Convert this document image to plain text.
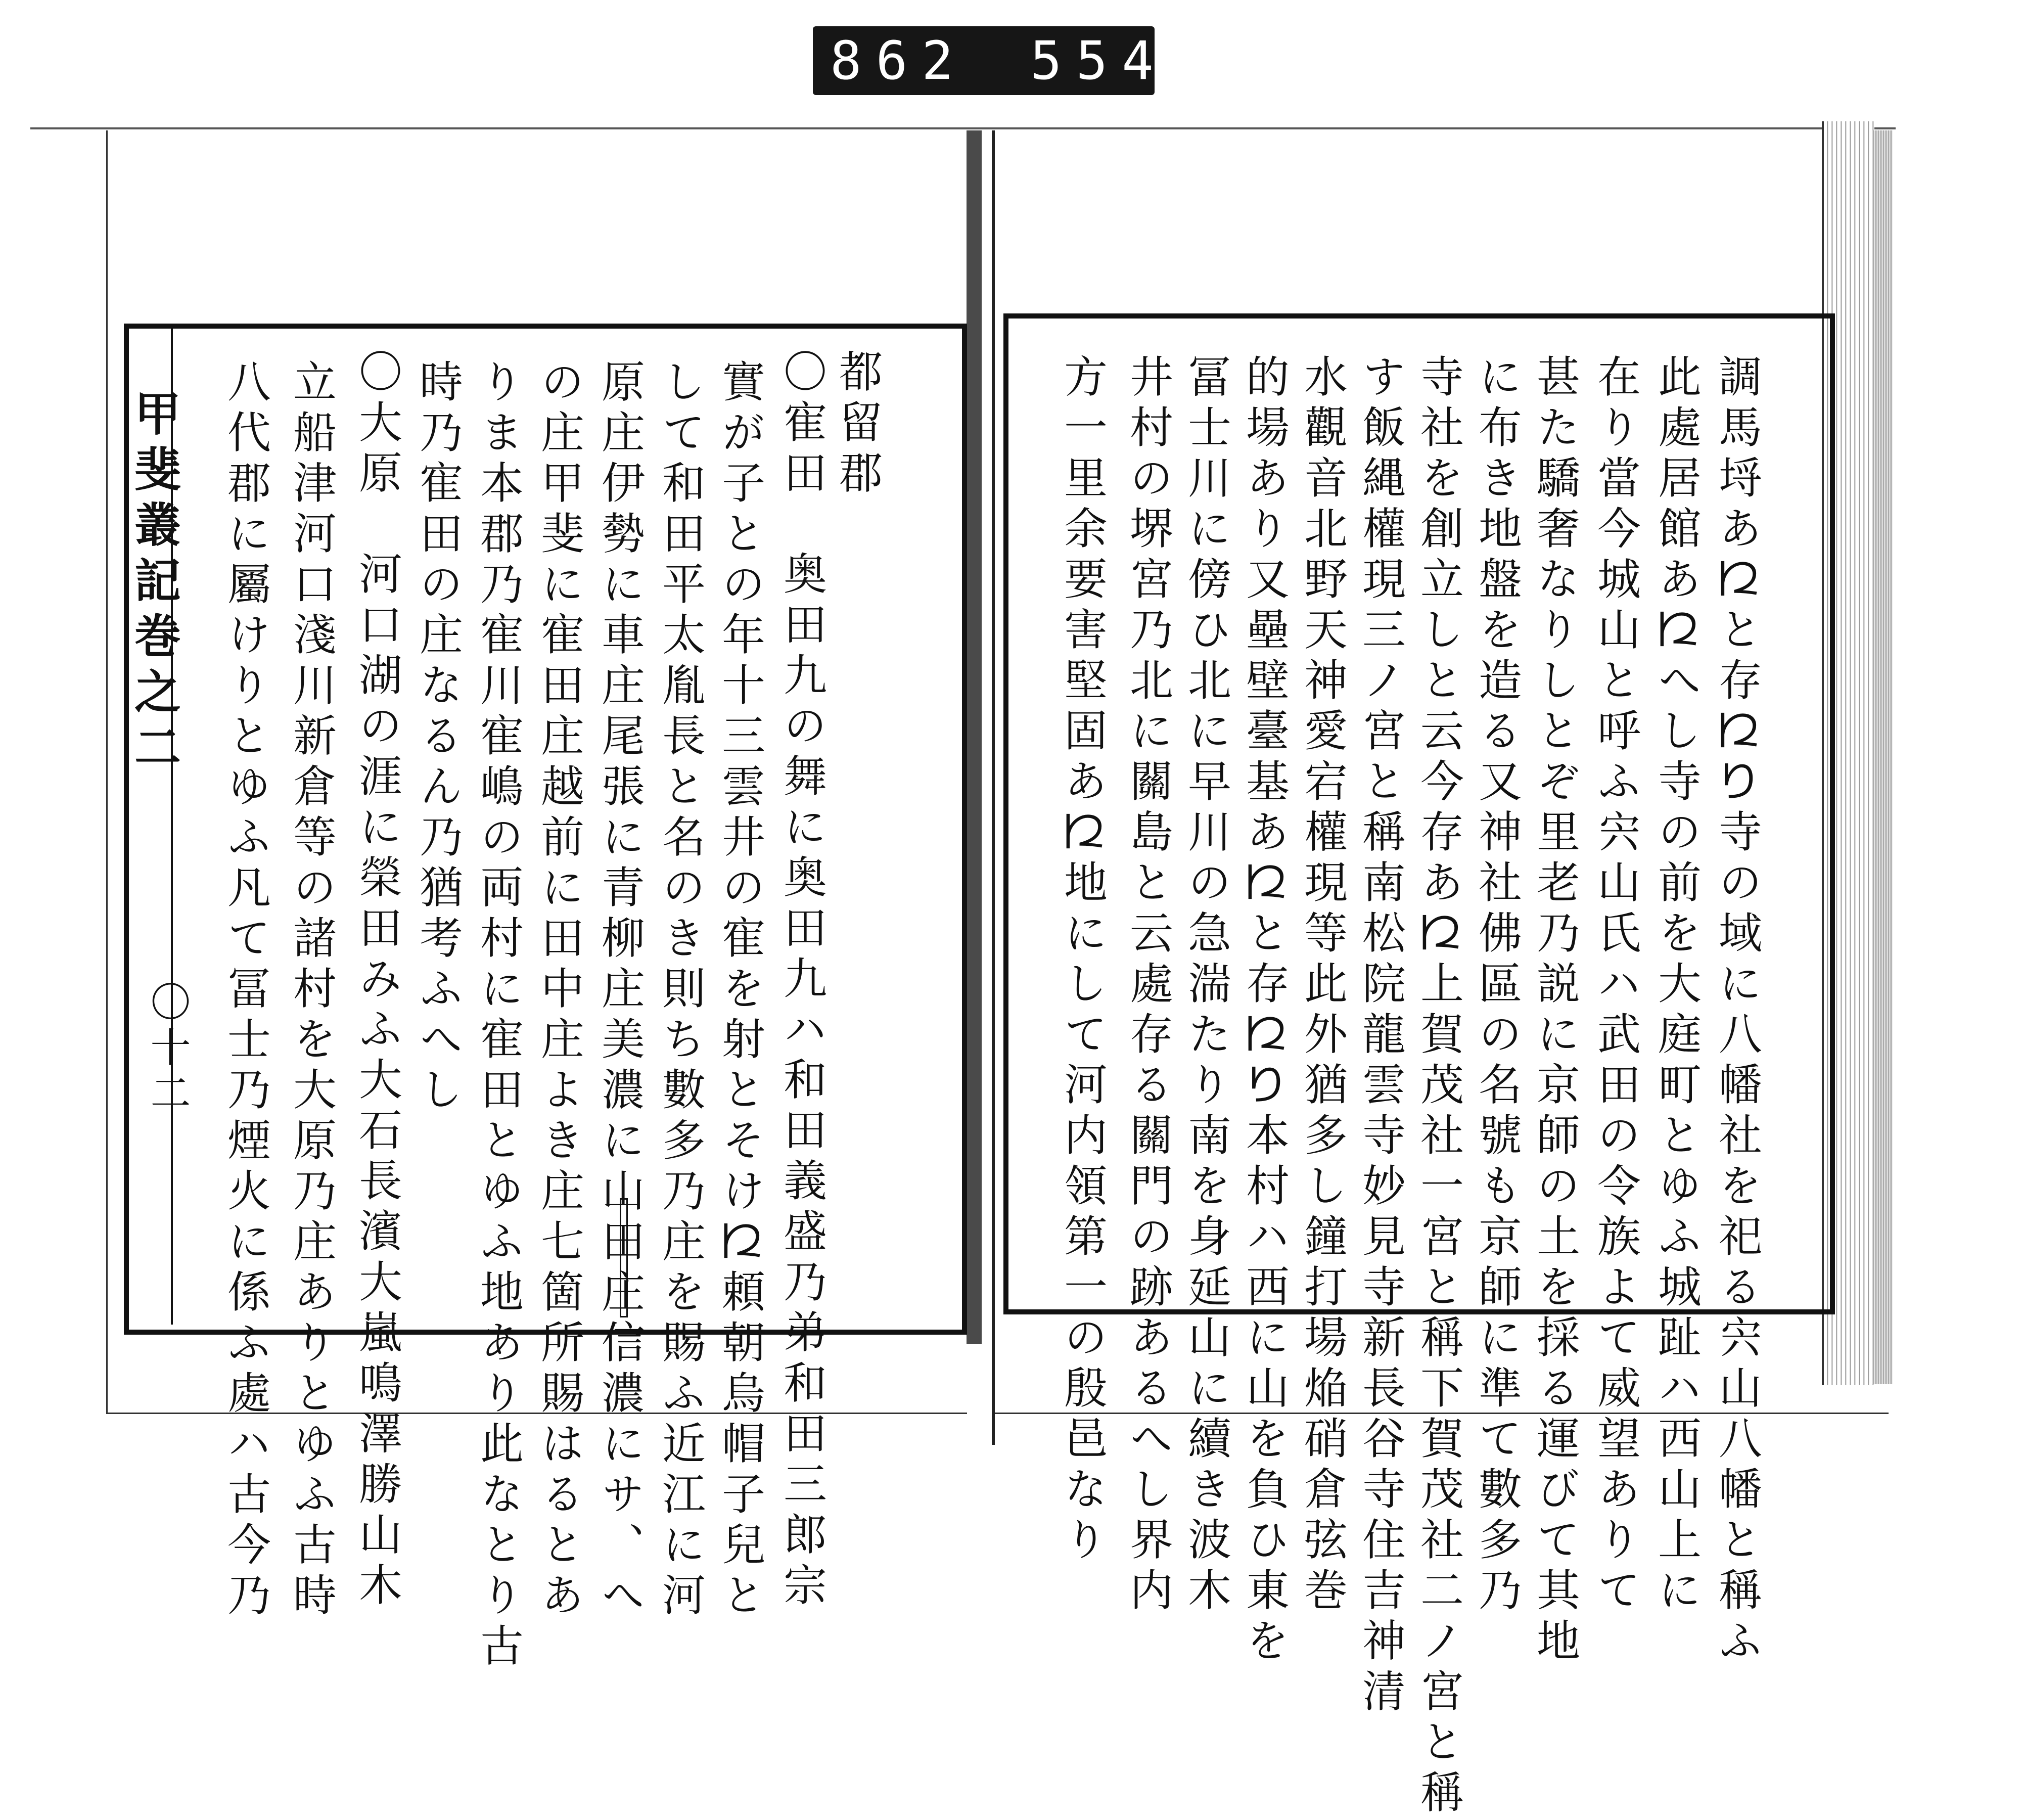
862 554.
甲斐叢記巻之二
〇十二
都留郡
〇寉田　奥田九の舞に奥田九ハ和田義盛乃弟和田三郎宗
實が子との年十三雲井の寉を射とそけ𛀁頼朝烏帽子兒と
して和田平太胤長と名のき則ち數多乃庄を賜ふ近江に河
原庄伊勢に車庄尾張に青柳庄美濃に山田庄信濃にサ、へ
の庄甲斐に寉田庄越前に田中庄よき庄七箇所賜はるとあ
りま本郡乃寉川寉嶋の両村に寉田とゆふ地あり此なとり古
時乃寉田の庄なるん乃猶考ふへし
〇大原　河口湖の涯に榮田みふ大石長濱大嵐鳴澤勝山木
立船津河口淺川新倉等の諸村を大原乃庄ありとゆふ古時
八代郡に屬けりとゆふ凡て冨士乃煙火に係ふ處ハ古今乃	調馬埒あ𛀁と存𛀁り寺の域に八幡社を祀る宍山八幡と稱ふ
此處居館あ𛀁へし寺の前を大庭町とゆふ城趾ハ西山上に
在り當今城山と呼ふ宍山氏ハ武田の令族よて威望ありて
甚た驕奢なりしとぞ里老乃説に京師の土を採る運びて其地
に布き地盤を造る又神社佛區の名號も京師に準て數多乃
寺社を創立しと云今存あ𛀁上賀茂社一宮と稱下賀茂社二ノ宮と稱
す飯縄權現三ノ宮と稱南松院龍雲寺妙見寺新長谷寺住吉神清
水觀音北野天神愛宕權現等此外猶多し鐘打場焔硝倉弦巻
的場あり又壘壁臺基あ𛀁と存𛀁り本村ハ西に山を負ひ東を
冨士川に傍ひ北に早川の急湍たり南を身延山に續き波木
井村の堺宮乃北に關島と云處存る關門の跡あるへし界内
方一里余要害堅固あ𛀁地にして河内領第一の殷邑なり
